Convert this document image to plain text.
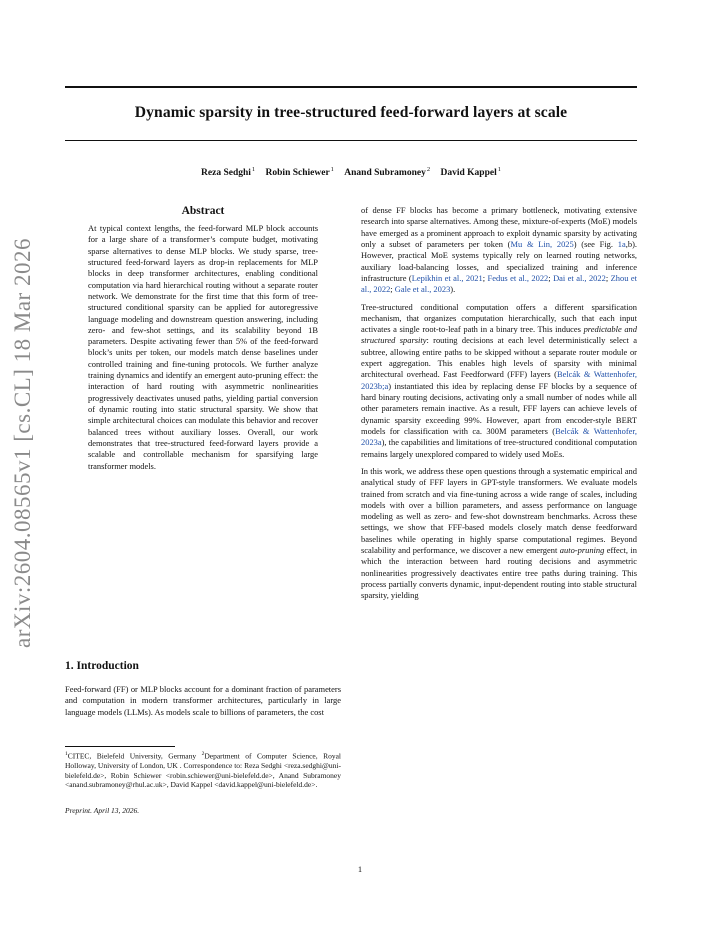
Dynamic sparsity in tree-structured feed-forward layers at scale
Reza Sedghi$^1$ Robin Schiewer$^1$ Anand Subramoney$^2$ David Kappel$^1$
arXiv:2604.08565v1 [cs.CL] 18 Mar 2026
Abstract

At typical context lengths, the feed-forward MLP block accounts for a large share of a transformer’s compute budget, motivating sparse alternatives to dense MLP blocks. We study sparse, tree-structured feed-forward layers as drop-in replacements for MLP blocks in deep transformer architectures, enabling conditional computation via hard hierarchical routing without a separate router network. We demonstrate for the first time that this form of tree-structured conditional sparsity can be applied for autoregressive language modeling and downstream question answering, including zero- and few-shot settings, and its scalability beyond 1B parameters. Despite activating fewer than 5% of the feed-forward block’s units per token, our models match dense baselines under controlled training and fine-tuning protocols. We further analyze training dynamics and identify an emergent auto-pruning effect: the interaction of hard routing with asymmetric nonlinearities progressively deactivates unused paths, yielding partial conversion of dynamic routing into static structural sparsity. We show that simple architectural choices can modulate this behavior and recover balanced trees without auxiliary losses. Overall, our work demonstrates that tree-structured feed-forward layers provide a scalable and controllable mechanism for sparsifying large transformer models.

1. Introduction

Feed-forward (FF) or MLP blocks account for a dominant fraction of parameters and computation in modern transformer architectures, particularly in large language models (LLMs). As models scale to billions of parameters, the cost

$^1$CITEC, Bielefeld University, Germany $^2$Department of Computer Science, Royal Holloway, University of London, UK . Correspondence to: Reza Sedghi <reza.sedghi@uni-bielefeld.de>, Robin Schiewer <robin.schiewer@uni-bielefeld.de>, Anand Subramoney <anand.subramoney@rhul.ac.uk>, David Kappel <david.kappel@uni-bielefeld.de>.
Preprint. April 13, 2026.

of dense FF blocks has become a primary bottleneck, motivating extensive research into sparse alternatives. Among these, mixture-of-experts (MoE) models have emerged as a prominent approach to exploit dynamic sparsity by activating only a subset of parameters per token (Mu & Lin, 2025) (see Fig. 1a,b). However, practical MoE systems typically rely on learned routing networks, auxiliary load-balancing losses, and specialized training and inference infrastructure (Lepikhin et al., 2021; Fedus et al., 2022; Dai et al., 2022; Zhou et al., 2022; Gale et al., 2023).

Tree-structured conditional computation offers a different sparsification mechanism, that organizes computation hierarchically, such that each input activates a single root-to-leaf path in a binary tree. This induces predictable and structured sparsity: routing decisions at each level deterministically select a subtree, allowing entire paths to be skipped without a separate router module or expert aggregation. This enables high levels of sparsity with minimal architectural overhead. Fast Feedforward (FFF) layers (Belcák & Wattenhofer, 2023b;a) instantiated this idea by replacing dense FF blocks by a sequence of hard binary routing decisions, activating only a small number of nodes while all other parameters remain inactive. As a result, FFF layers can achieve levels of dynamic sparsity exceeding 99%. However, apart from encoder-style BERT models for classification with ca. 300M parameters (Belcák & Wattenhofer, 2023a), the capabilities and limitations of tree-structured conditional computation remains largely unexplored compared to widely used MoEs.

In this work, we address these open questions through a systematic empirical and analytical study of FFF layers in GPT-style transformers. We evaluate models trained from scratch and via fine-tuning across a wide range of scales, including models with over a billion parameters, and assess performance on language modeling as well as zero- and few-shot downstream benchmarks. Across these settings, we show that FFF-based models closely match dense feedforward baselines while operating in highly sparse computational regimes. Beyond scalability and performance, we discover a new emergent auto-pruning effect, in which the interaction between hard routing decisions and asymmetric nonlinearities progressively deactivates entire tree paths during training. This process partially converts dynamic, input-dependent routing into stable structural sparsity, yielding

1
